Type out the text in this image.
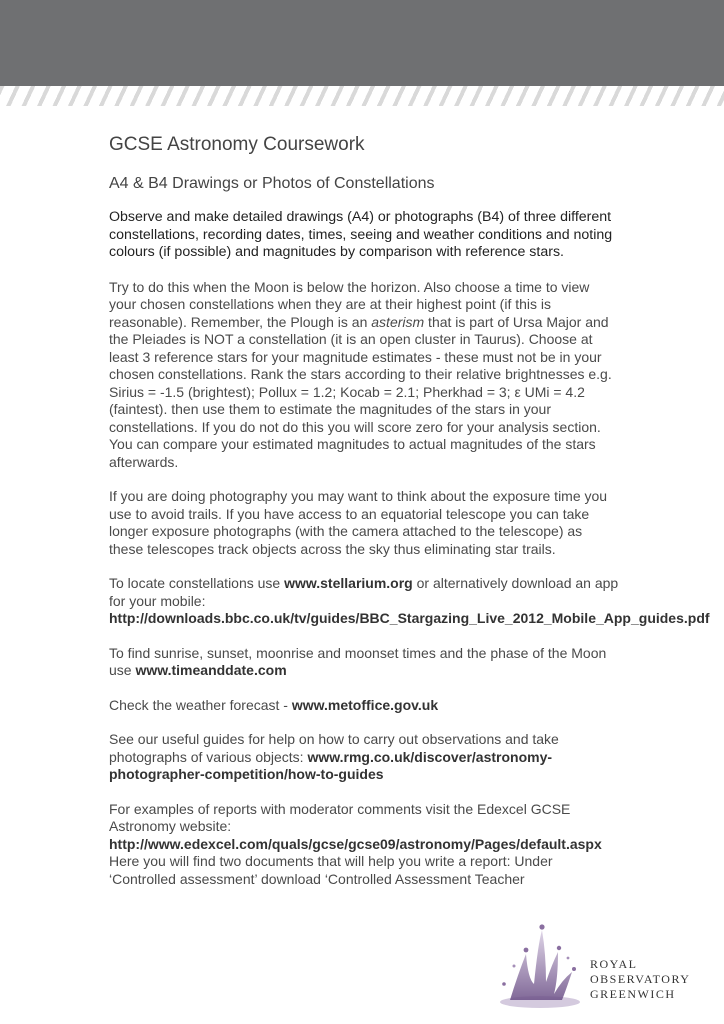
GCSE Astronomy Coursework
A4 & B4 Drawings or Photos of Constellations

Observe and make detailed drawings (A4) or photographs (B4) of three different constellations, recording dates, times, seeing and weather conditions and noting colours (if possible) and magnitudes by comparison with reference stars.

Try to do this when the Moon is below the horizon. Also choose a time to view your chosen constellations when they are at their highest point (if this is reasonable). Remember, the Plough is an asterism that is part of Ursa Major and the Pleiades is NOT a constellation (it is an open cluster in Taurus). Choose at least 3 reference stars for your magnitude estimates - these must not be in your chosen constellations. Rank the stars according to their relative brightnesses e.g. Sirius = -1.5 (brightest); Pollux = 1.2; Kocab = 2.1; Pherkhad = 3; ε UMi = 4.2 (faintest). then use them to estimate the magnitudes of the stars in your constellations. If you do not do this you will score zero for your analysis section. You can compare your estimated magnitudes to actual magnitudes of the stars afterwards.

If you are doing photography you may want to think about the exposure time you use to avoid trails. If you have access to an equatorial telescope you can take longer exposure photographs (with the camera attached to the telescope) as these telescopes track objects across the sky thus eliminating star trails.

To locate constellations use www.stellarium.org or alternatively download an app for your mobile: http://downloads.bbc.co.uk/tv/guides/BBC_Stargazing_Live_2012_Mobile_App_guides.pdf

To find sunrise, sunset, moonrise and moonset times and the phase of the Moon use www.timeanddate.com

Check the weather forecast - www.metoffice.gov.uk

See our useful guides for help on how to carry out observations and take photographs of various objects: www.rmg.co.uk/discover/astronomy-photographer-competition/how-to-guides

For examples of reports with moderator comments visit the Edexcel GCSE Astronomy website: http://www.edexcel.com/quals/gcse/gcse09/astronomy/Pages/default.aspx

Here you will find two documents that will help you write a report: Under ‘Controlled assessment’ download ‘Controlled Assessment Teacher

ROYAL
OBSERVATORY
GREENWICH
